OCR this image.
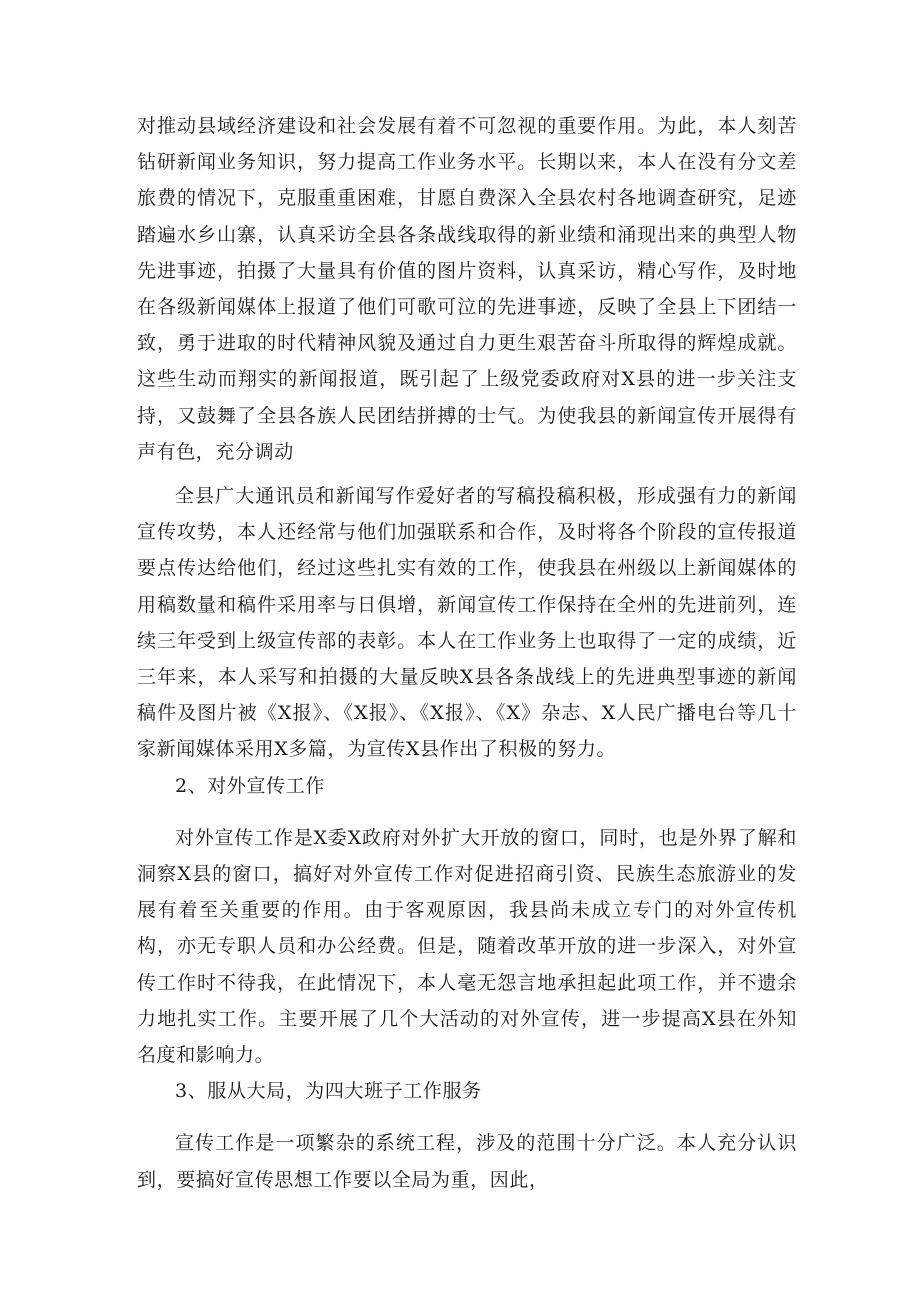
对推动县域经济建设和社会发展有着不可忽视的重要作用。为此，本人刻苦钻研新闻业务知识，努力提高工作业务水平。长期以来，本人在没有分文差旅费的情况下，克服重重困难，甘愿自费深入全县农村各地调查研究，足迹踏遍水乡山寨，认真采访全县各条战线取得的新业绩和涌现出来的典型人物先进事迹，拍摄了大量具有价值的图片资料，认真采访，精心写作，及时地在各级新闻媒体上报道了他们可歌可泣的先进事迹，反映了全县上下团结一致，勇于进取的时代精神风貌及通过自力更生艰苦奋斗所取得的辉煌成就。这些生动而翔实的新闻报道，既引起了上级党委政府对X县的进一步关注支持，又鼓舞了全县各族人民团结拼搏的士气。为使我县的新闻宣传开展得有声有色，充分调动

全县广大通讯员和新闻写作爱好者的写稿投稿积极，形成强有力的新闻宣传攻势，本人还经常与他们加强联系和合作，及时将各个阶段的宣传报道要点传达给他们，经过这些扎实有效的工作，使我县在州级以上新闻媒体的用稿数量和稿件采用率与日俱增，新闻宣传工作保持在全州的先进前列，连续三年受到上级宣传部的表彰。本人在工作业务上也取得了一定的成绩，近三年来，本人采写和拍摄的大量反映X县各条战线上的先进典型事迹的新闻稿件及图片被《X报》、《X报》、《X报》、《X》杂志、X人民广播电台等几十家新闻媒体采用X多篇，为宣传X县作出了积极的努力。

2、对外宣传工作

对外宣传工作是X委X政府对外扩大开放的窗口，同时，也是外界了解和洞察X县的窗口，搞好对外宣传工作对促进招商引资、民族生态旅游业的发展有着至关重要的作用。由于客观原因，我县尚未成立专门的对外宣传机构，亦无专职人员和办公经费。但是，随着改革开放的进一步深入，对外宣传工作时不待我，在此情况下，本人毫无怨言地承担起此项工作，并不遗余力地扎实工作。主要开展了几个大活动的对外宣传，进一步提高X县在外知名度和影响力。

3、服从大局，为四大班子工作服务

宣传工作是一项繁杂的系统工程，涉及的范围十分广泛。本人充分认识到，要搞好宣传思想工作要以全局为重，因此，
